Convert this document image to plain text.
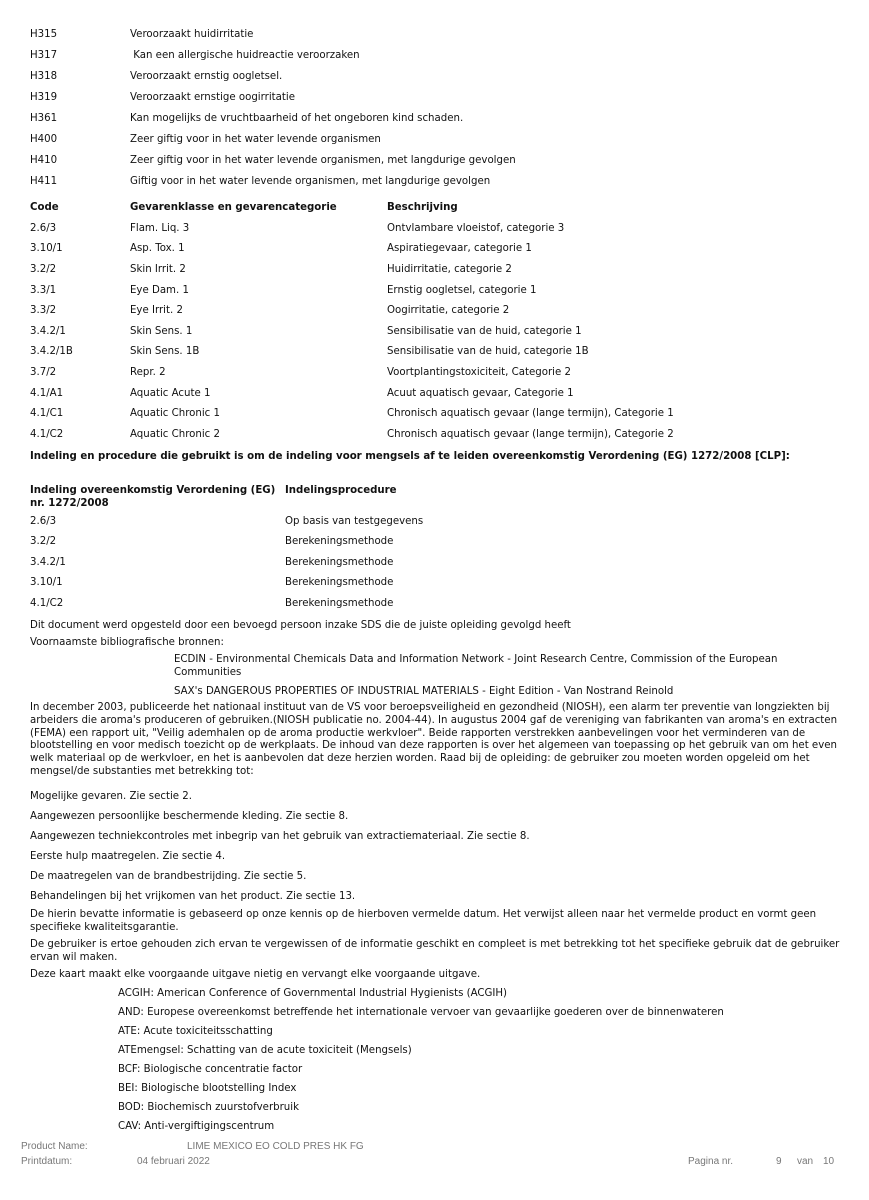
H315	Veroorzaakt huidirritatie
H317	Kan een allergische huidreactie veroorzaken
H318	Veroorzaakt ernstig oogletsel.
H319	Veroorzaakt ernstige oogirritatie
H361	Kan mogelijks de vruchtbaarheid of het ongeboren kind schaden.
H400	Zeer giftig voor in het water levende organismen
H410	Zeer giftig voor in het water levende organismen, met langdurige gevolgen
H411	Giftig voor in het water levende organismen, met langdurige gevolgen
Code	Gevarenklasse en gevarencategorie	Beschrijving
2.6/3	Flam. Liq. 3	Ontvlambare vloeistof, categorie 3
3.10/1	Asp. Tox. 1	Aspiratiegevaar, categorie 1
3.2/2	Skin Irrit. 2	Huidirritatie, categorie 2
3.3/1	Eye Dam. 1	Ernstig oogletsel, categorie 1
3.3/2	Eye Irrit. 2	Oogirritatie, categorie 2
3.4.2/1	Skin Sens. 1	Sensibilisatie van de huid, categorie 1
3.4.2/1B	Skin Sens. 1B	Sensibilisatie van de huid, categorie 1B
3.7/2	Repr. 2	Voortplantingstoxiciteit, Categorie 2
4.1/A1	Aquatic Acute 1	Acuut aquatisch gevaar, Categorie 1
4.1/C1	Aquatic Chronic 1	Chronisch aquatisch gevaar (lange termijn), Categorie 1
4.1/C2	Aquatic Chronic 2	Chronisch aquatisch gevaar (lange termijn), Categorie 2
Indeling en procedure die gebruikt is om de indeling voor mengsels af te leiden overeenkomstig Verordening (EG) 1272/2008 [CLP]:
Indeling overeenkomstig Verordening (EG) nr. 1272/2008
Indelingsprocedure
2.6/3	Op basis van testgegevens
3.2/2	Berekeningsmethode
3.4.2/1	Berekeningsmethode
3.10/1	Berekeningsmethode
4.1/C2	Berekeningsmethode
Dit document werd opgesteld door een bevoegd persoon inzake SDS die de juiste opleiding gevolgd heeft
Voornaamste bibliografische bronnen:
ECDIN - Environmental Chemicals Data and Information Network - Joint Research Centre, Commission of the European Communities
SAX's DANGEROUS PROPERTIES OF INDUSTRIAL MATERIALS - Eight Edition - Van Nostrand Reinold
In december 2003, publiceerde het nationaal instituut van de VS voor beroepsveiligheid en gezondheid (NIOSH), een alarm ter preventie van longziekten bij arbeiders die aroma's produceren of gebruiken.(NIOSH publicatie no. 2004-44). In augustus 2004 gaf de vereniging van fabrikanten van aroma's en extracten (FEMA) een rapport uit, "Veilig ademhalen op de aroma productie werkvloer". Beide rapporten verstrekken aanbevelingen voor het verminderen van de blootstelling en voor medisch toezicht op de werkplaats. De inhoud van deze rapporten is over het algemeen van toepassing op het gebruik van om het even welk materiaal op de werkvloer, en het is aanbevolen dat deze herzien worden. Raad bij de opleiding: de gebruiker zou moeten worden opgeleid om het mengsel/de substanties met betrekking tot:
Mogelijke gevaren. Zie sectie 2.
Aangewezen persoonlijke beschermende kleding. Zie sectie 8.
Aangewezen techniekcontroles met inbegrip van het gebruik van extractiemateriaal. Zie sectie 8.
Eerste hulp maatregelen. Zie sectie 4.
De maatregelen van de brandbestrijding. Zie sectie 5.
Behandelingen bij het vrijkomen van het product. Zie sectie 13.
De hierin bevatte informatie is gebaseerd op onze kennis op de hierboven vermelde datum. Het verwijst alleen naar het vermelde product en vormt geen specifieke kwaliteitsgarantie.
De gebruiker is ertoe gehouden zich ervan te vergewissen of de informatie geschikt en compleet is met betrekking tot het specifieke gebruik dat de gebruiker ervan wil maken.
Deze kaart maakt elke voorgaande uitgave nietig en vervangt elke voorgaande uitgave.
ACGIH: American Conference of Governmental Industrial Hygienists (ACGIH)
AND: Europese overeenkomst betreffende het internationale vervoer van gevaarlijke goederen over de binnenwateren
ATE: Acute toxiciteitsschatting
ATEmengsel: Schatting van de acute toxiciteit (Mengsels)
BCF: Biologische concentratie factor
BEI: Biologische blootstelling Index
BOD: Biochemisch zuurstofverbruik
CAV: Anti-vergiftigingscentrum
Product Name:	LIME MEXICO EO COLD PRES HK FG
Printdatum:	04 februari 2022	Pagina nr.	9 van 10
